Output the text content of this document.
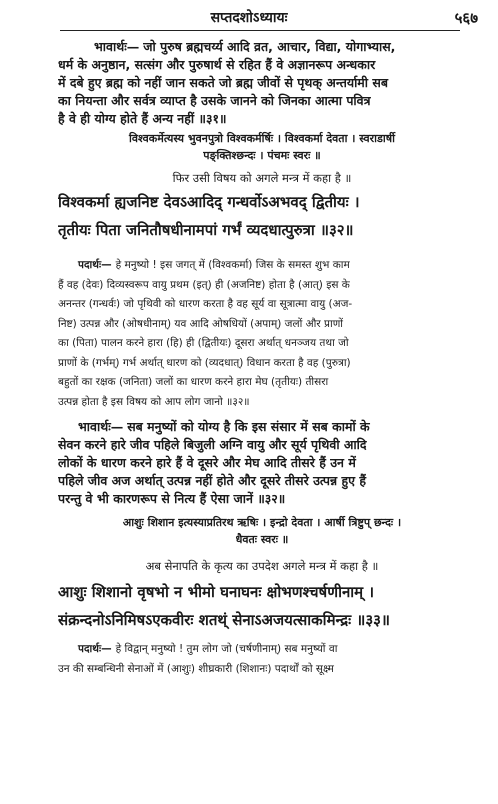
सप्तदशोऽध्यायः	५६७
भावार्थः— जो पुरुष ब्रह्मचर्य्य आदि व्रत, आचार, विद्या, योगाभ्यास,
धर्म के अनुष्ठान, सत्संग और पुरुषार्थ से रहित हैं वे अज्ञानरूप अन्धकार
में दबे हुए ब्रह्म को नहीं जान सकते जो ब्रह्म जीवों से पृथक् अन्तर्यामी सब
का नियन्ता और सर्वत्र व्याप्त है उसके जानने को जिनका आत्मा पवित्र
है वे ही योग्य होते हैं अन्य नहीं ॥३१॥
विश्वकर्मेत्यस्य भुवनपुत्रो विश्वकर्मर्षिः । विश्वकर्मा देवता । स्वराडार्षी
पङ्क्तिश्छन्दः । पंचमः स्वरः ॥
फिर उसी विषय को अगले मन्त्र में कहा है ॥
विश्वकर्मा ह्यजनिष्ट देवऽआदिद् गन्धर्वोऽअभवद् द्वितीयः ।
तृतीयः पिता जनितौषधीनामपां गर्भं व्यदधात्पुरुत्रा ॥३२॥
पदार्थः— हे मनुष्यो ! इस जगत् में (विश्वकर्मा) जिस के समस्त शुभ काम
हैं वह (देवः) दिव्यस्वरूप वायु प्रथम (इत्) ही (अजनिष्ट) होता है (आत्) इस के
अनन्तर (गन्धर्वः) जो पृथिवी को धारण करता है वह सूर्य वा सूत्रात्मा वायु (अज-
निष्ट) उत्पन्न और (ओषधीनाम्) यव आदि ओषधियों (अपाम्) जलों और प्राणों
का (पिता) पालन करने हारा (हि) ही (द्वितीयः) दूसरा अर्थात् धनञ्जय तथा जो
प्राणों के (गर्भम्) गर्भ अर्थात् धारण को (व्यदधात्) विधान करता है वह (पुरुत्रा)
बहुतों का रक्षक (जनिता) जलों का धारण करने हारा मेघ (तृतीयः) तीसरा
उत्पन्न होता है इस विषय को आप लोग जानो ॥३२॥
भावार्थः— सब मनुष्यों को योग्य है कि इस संसार में सब कामों के
सेवन करने हारे जीव पहिले बिजुली अग्नि वायु और सूर्य पृथिवी आदि
लोकों के धारण करने हारे हैं वे दूसरे और मेघ आदि तीसरे हैं उन में
पहिले जीव अज अर्थात् उत्पन्न नहीं होते और दूसरे तीसरे उत्पन्न हुए हैं
परन्तु वे भी कारणरूप से नित्य हैं ऐसा जानें ॥३२॥
आशुः शिशान इत्यस्याप्रतिरथ ऋषिः । इन्द्रो देवता । आर्षी त्रिष्टुप् छन्दः ।
धैवतः स्वरः ॥
अब सेनापति के कृत्य का उपदेश अगले मन्त्र में कहा है ॥
आशुः शिशानो वृषभो न भीमो घनाघनः क्षोभणश्चर्षणीनाम् ।
संक्रन्दनोऽनिमिषऽएकवीरः शतथ्ं सेनाऽअजयत्साकमिन्द्रः ॥३३॥
पदार्थः— हे विद्वान् मनुष्यो ! तुम लोग जो (चर्षणीनाम्) सब मनुष्यों वा
उन की सम्बन्धिनी सेनाओं में (आशुः) शीघ्रकारी (शिशानः) पदार्थों को सूक्ष्म
